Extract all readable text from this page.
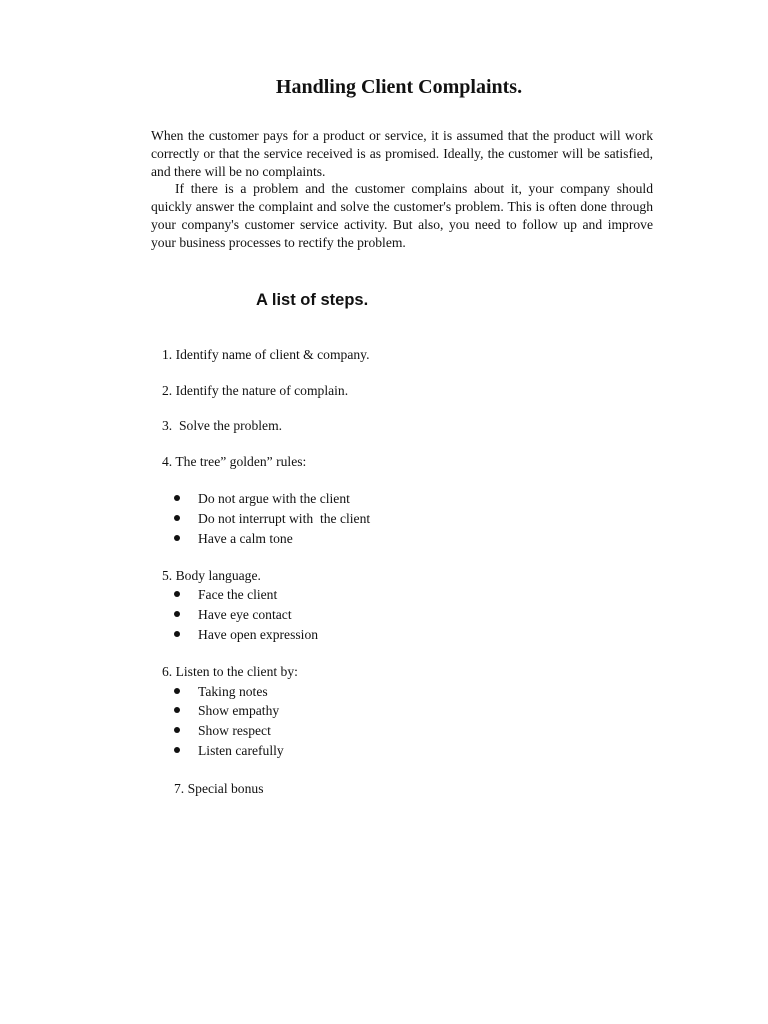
Handling Client Complaints.

When the customer pays for a product or service, it is assumed that the product will work correctly or that the service received is as promised. Ideally, the customer will be satisfied, and there will be no complaints.

If there is a problem and the customer complains about it, your company should quickly answer the complaint and solve the customer's problem. This is often done through your company's customer service activity. But also, you need to follow up and improve your business processes to rectify the problem.

A list of steps.
1. Identify name of client & company.
2. Identify the nature of complain.
3.  Solve the problem.
4. The tree” golden” rules:
Do not argue with the client
Do not interrupt with  the client
Have a calm tone
5. Body language.
Face the client
Have eye contact
Have open expression
6. Listen to the client by:
Taking notes
Show empathy
Show respect
Listen carefully
7. Special bonus
